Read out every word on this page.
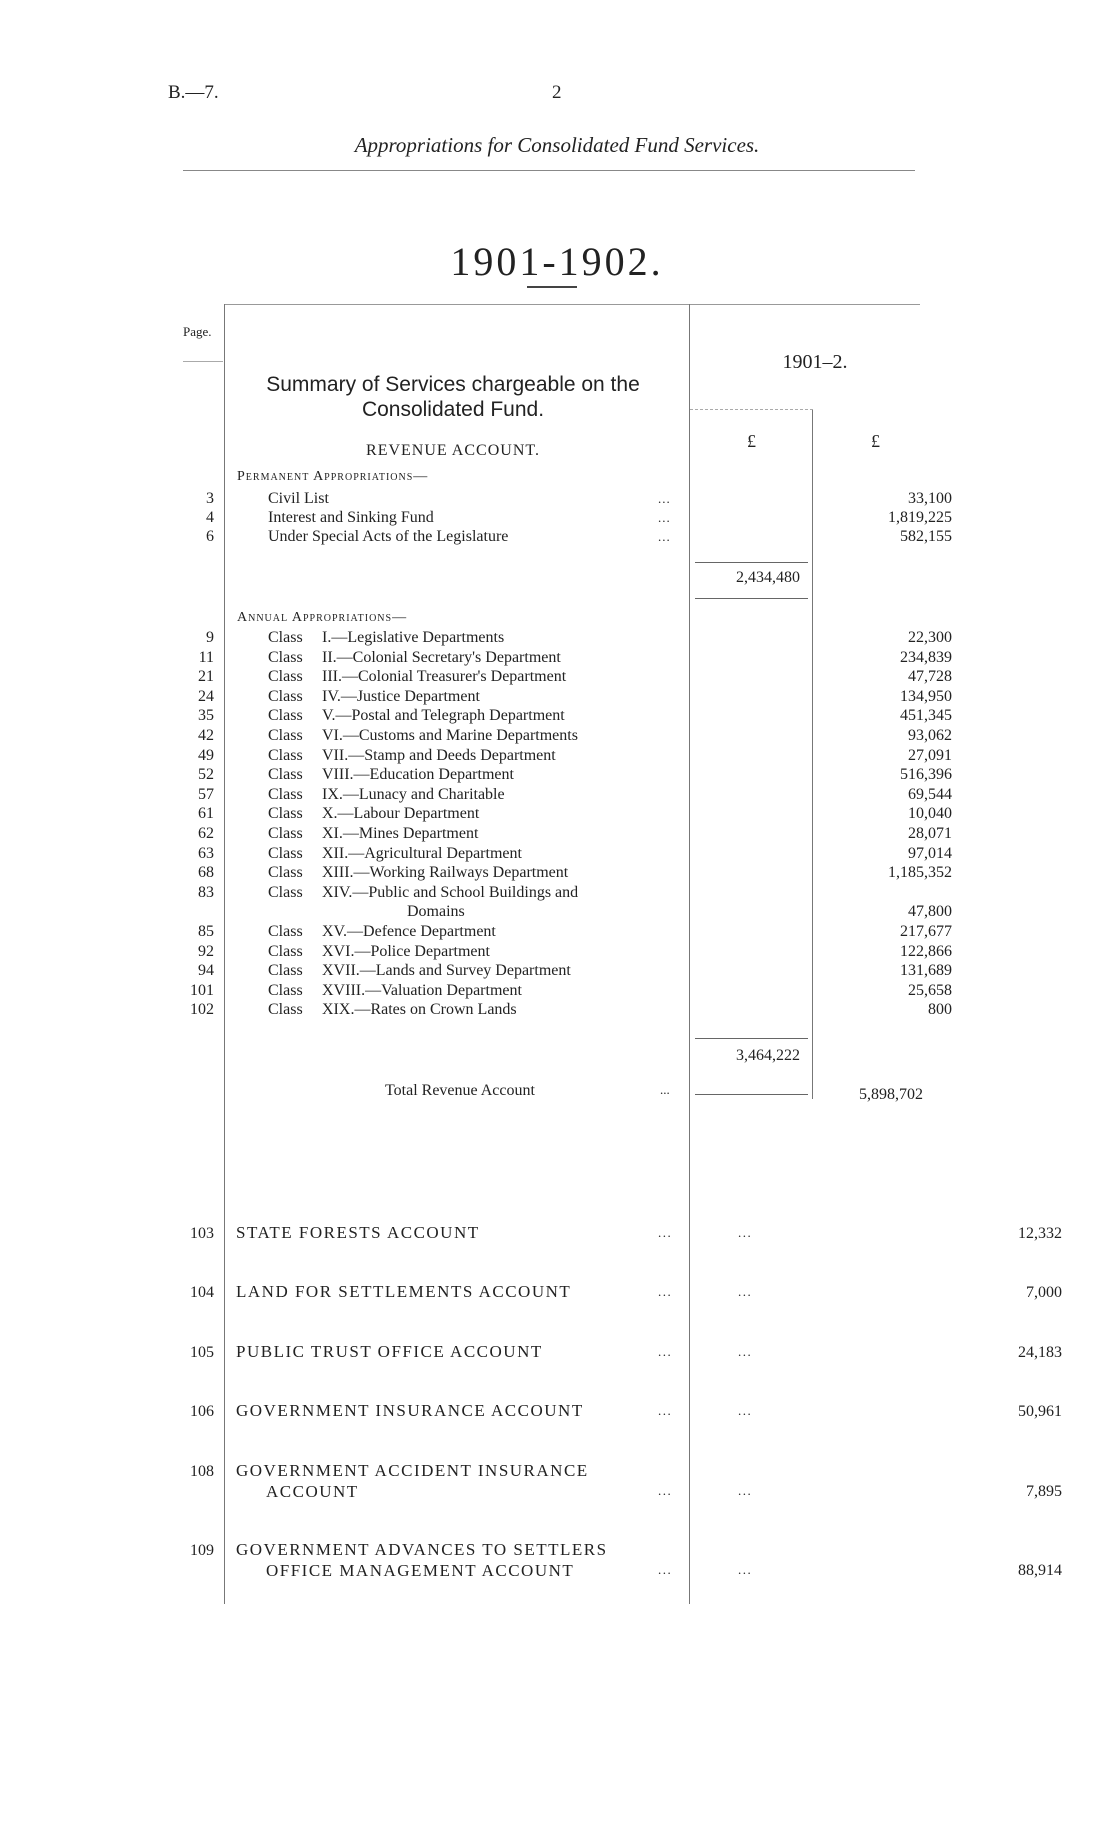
B.—7.	2
Appropriations for Consolidated Fund Services.
1901-1902.
Page.
Summary of Services chargeable on the Consolidated Fund.
1901–2.
£	£
REVENUE ACCOUNT.
Permanent Appropriations—
3	Civil List	...	33,100
4	Interest and Sinking Fund	...	1,819,225
6	Under Special Acts of the Legislature	...	582,155
2,434,480
Annual Appropriations—
9	Class	I.—Legislative Departments	22,300
11	Class	II.—Colonial Secretary's Department	234,839
21	Class	III.—Colonial Treasurer's Department	47,728
24	Class	IV.—Justice Department	134,950
35	Class	V.—Postal and Telegraph Department	451,345
42	Class	VI.—Customs and Marine Departments	93,062
49	Class	VII.—Stamp and Deeds Department	27,091
52	Class	VIII.—Education Department	516,396
57	Class	IX.—Lunacy and Charitable	69,544
61	Class	X.—Labour Department	10,040
62	Class	XI.—Mines Department	28,071
63	Class	XII.—Agricultural Department	97,014
68	Class	XIII.—Working Railways Department	1,185,352
83	Class	XIV.—Public and School Buildings and
Domains	47,800
85	Class	XV.—Defence Department	217,677
92	Class	XVI.—Police Department	122,866
94	Class	XVII.—Lands and Survey Department	131,689
101	Class	XVIII.—Valuation Department	25,658
102	Class	XIX.—Rates on Crown Lands	800
3,464,222
Total Revenue Account	...	5,898,702
103 STATE FORESTS ACCOUNT	...	...	12,332
104 LAND FOR SETTLEMENTS ACCOUNT	...	...	7,000
105 PUBLIC TRUST OFFICE ACCOUNT	...	...	24,183
106 GOVERNMENT INSURANCE ACCOUNT	...	...	50,961
108 GOVERNMENT ACCIDENT INSURANCE
ACCOUNT	...	...	7,895
109 GOVERNMENT ADVANCES TO SETTLERS
OFFICE MANAGEMENT ACCOUNT	...	...	88,914
